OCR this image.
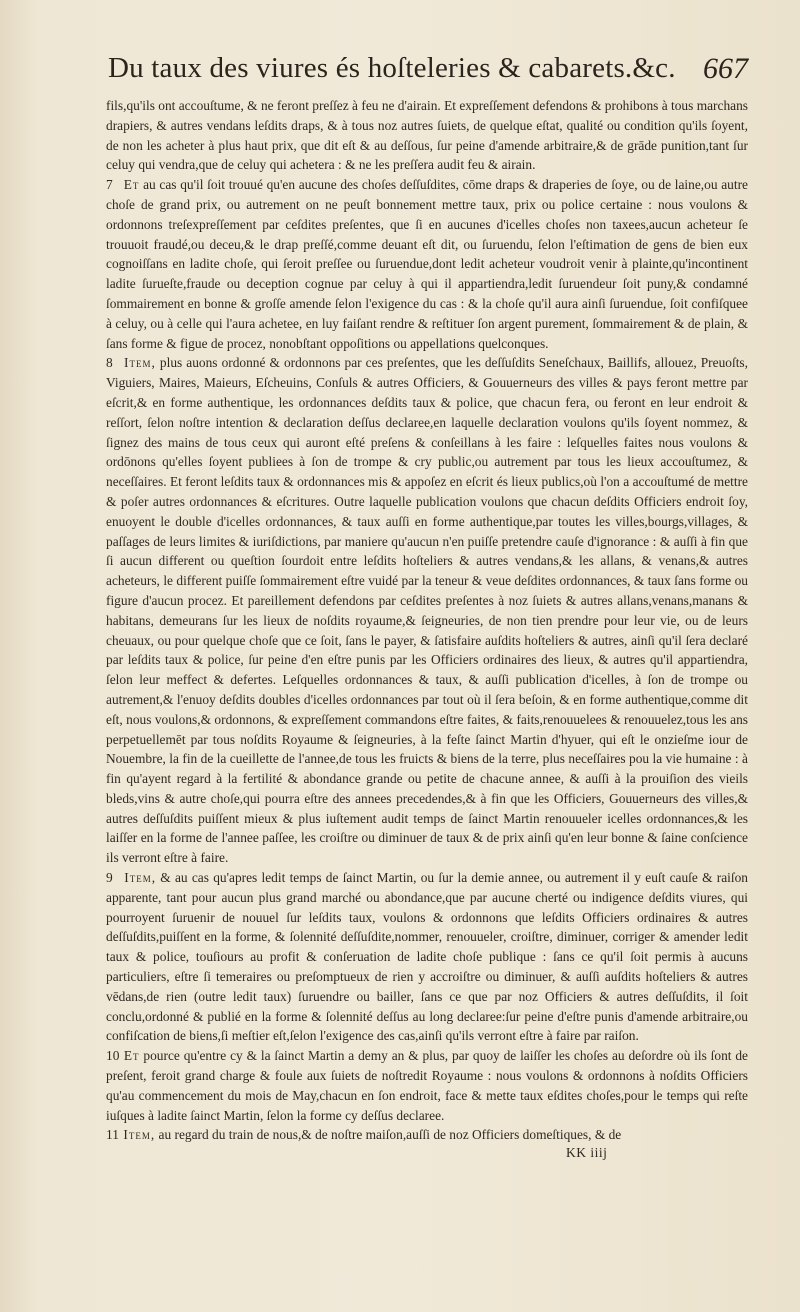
Du taux des viures és hoſteleries & cabarets.&c. 667

fils,qu'ils ont accouſtume, & ne feront preſſez à feu ne d'airain. Et expreſſement defendons & prohibons à tous marchans drapiers, & autres vendans leſdits draps, & à tous noz autres ſuiets, de quelque eſtat, qualité ou condition qu'ils ſoyent, de non les acheter à plus haut prix, que dit eſt & au deſſous, ſur peine d'amende arbitraire,& de grāde punition,tant ſur celuy qui vendra,que de celuy qui achetera : & ne les preſſera audit feu & airain.

7 Et au cas qu'il ſoit trouué qu'en aucune des choſes deſſuſdites, cōme draps & draperies de ſoye, ou de laine,ou autre choſe de grand prix, ou autrement on ne peuſt bonnement mettre taux, prix ou police certaine : nous voulons & ordonnons treſexpreſſement par ceſdites preſentes, que ſi en aucunes d'icelles choſes non taxees,aucun acheteur ſe trouuoit fraudé,ou deceu,& le drap preſſé,comme deuant eſt dit, ou ſuruendu, ſelon l'eſtimation de gens de bien eux cognoiſſans en ladite choſe, qui ſeroit preſſee ou ſuruendue,dont ledit acheteur voudroit venir à plainte,qu'incontinent ladite ſurueſte,fraude ou deception cognue par celuy à qui il appartiendra,ledit ſuruendeur ſoit puny,& condamné ſommairement en bonne & groſſe amende ſelon l'exigence du cas : & la choſe qu'il aura ainſi ſuruendue, ſoit confiſquee à celuy, ou à celle qui l'aura achetee, en luy faiſant rendre & reſtituer ſon argent purement, ſommairement & de plain, & ſans forme & figue de procez, nonobſtant oppoſitions ou appellations quelconques.

8 Item, plus auons ordonné & ordonnons par ces preſentes, que les deſſuſdits Seneſchaux, Baillifs, allouez, Preuoſts, Viguiers, Maires, Maieurs, Eſcheuins, Conſuls & autres Officiers, & Gouuerneurs des villes & pays feront mettre par eſcrit,& en forme authentique, les ordonnances deſdits taux & police, que chacun fera, ou feront en leur endroit & reſſort, ſelon noſtre intention & declaration deſſus declaree,en laquelle declaration voulons qu'ils ſoyent nommez, & ſignez des mains de tous ceux qui auront eſté preſens & conſeillans à les faire : leſquelles faites nous voulons & ordōnons qu'elles ſoyent publiees à ſon de trompe & cry public,ou autrement par tous les lieux accouſtumez, & neceſſaires. Et feront leſdits taux & ordonnances mis & appoſez en eſcrit és lieux publics,où l'on a accouſtumé de mettre & poſer autres ordonnances & eſcritures. Outre laquelle publication voulons que chacun deſdits Officiers endroit ſoy, enuoyent le double d'icelles ordonnances, & taux auſſi en forme authentique,par toutes les villes,bourgs,villages, & paſſages de leurs limites & iuriſdictions, par maniere qu'aucun n'en puiſſe pretendre cauſe d'ignorance : & auſſi à fin que ſi aucun different ou queſtion ſourdoit entre leſdits hoſteliers & autres vendans,& les allans, & venans,& autres acheteurs, le different puiſſe ſommairement eſtre vuidé par la teneur & veue deſdites ordonnances, & taux ſans forme ou figure d'aucun procez. Et pareillement defendons par ceſdites preſentes à noz ſuiets & autres allans,venans,manans & habitans, demeurans ſur les lieux de noſdits royaume,& ſeigneuries, de non tien prendre pour leur vie, ou de leurs cheuaux, ou pour quelque choſe que ce ſoit, ſans le payer, & ſatisfaire auſdits hoſteliers & autres, ainſi qu'il ſera declaré par leſdits taux & police, ſur peine d'en eſtre punis par les Officiers ordinaires des lieux, & autres qu'il appartiendra, ſelon leur meffect & defertes. Leſquelles ordonnances & taux, & auſſi publication d'icelles, à ſon de trompe ou autrement,& l'enuoy deſdits doubles d'icelles ordonnances par tout où il ſera beſoin, & en forme authentique,comme dit eſt, nous voulons,& ordonnons, & expreſſement commandons eſtre faites, & faits,renouuelees & renouuelez,tous les ans perpetuellemēt par tous noſdits Royaume & ſeigneuries, à la feſte ſainct Martin d'hyuer, qui eſt le onzieſme iour de Nouembre, la fin de la cueillette de l'annee,de tous les fruicts & biens de la terre, plus neceſſaires pou la vie humaine : à fin qu'ayent regard à la fertilité & abondance grande ou petite de chacune annee, & auſſi à la prouiſion des vieils bleds,vins & autre choſe,qui pourra eſtre des annees precedendes,& à fin que les Officiers, Gouuerneurs des villes,& autres deſſuſdits puiſſent mieux & plus iuſtement audit temps de ſainct Martin renouueler icelles ordonnances,& les laiſſer en la forme de l'annee paſſee, les croiſtre ou diminuer de taux & de prix ainſi qu'en leur bonne & ſaine conſcience ils verront eſtre à faire.

9 Item, & au cas qu'apres ledit temps de ſainct Martin, ou ſur la demie annee, ou autrement il y euſt cauſe & raiſon apparente, tant pour aucun plus grand marché ou abondance,que par aucune cherté ou indigence deſdits viures, qui pourroyent ſuruenir de nouuel ſur leſdits taux, voulons & ordonnons que leſdits Officiers ordinaires & autres deſſuſdits,puiſſent en la forme, & ſolennité deſſuſdite,nommer, renouueler, croiſtre, diminuer, corriger & amender ledit taux & police, touſiours au profit & conſeruation de ladite choſe publique : ſans ce qu'il ſoit permis à aucuns particuliers, eſtre ſi temeraires ou preſomptueux de rien y accroiſtre ou diminuer, & auſſi auſdits hoſteliers & autres vēdans,de rien (outre ledit taux) ſuruendre ou bailler, ſans ce que par noz Officiers & autres deſſuſdits, il ſoit conclu,ordonné & publié en la forme & ſolennité deſſus au long declaree:ſur peine d'eſtre punis d'amende arbitraire,ou confiſcation de biens,ſi meſtier eſt,ſelon l'exigence des cas,ainſi qu'ils verront eſtre à faire par raiſon.

10 Et pource qu'entre cy & la ſainct Martin a demy an & plus, par quoy de laiſſer les choſes au deſordre où ils ſont de preſent, feroit grand charge & foule aux ſuiets de noſtredit Royaume : nous voulons & ordonnons à noſdits Officiers qu'au commencement du mois de May,chacun en ſon endroit, face & mette taux eſdites choſes,pour le temps qui reſte iuſques à ladite ſainct Martin, ſelon la forme cy deſſus declaree.

11 Item, au regard du train de nous,& de noſtre maiſon,auſſi de noz Officiers domeſtiques, & de

KK iiij
